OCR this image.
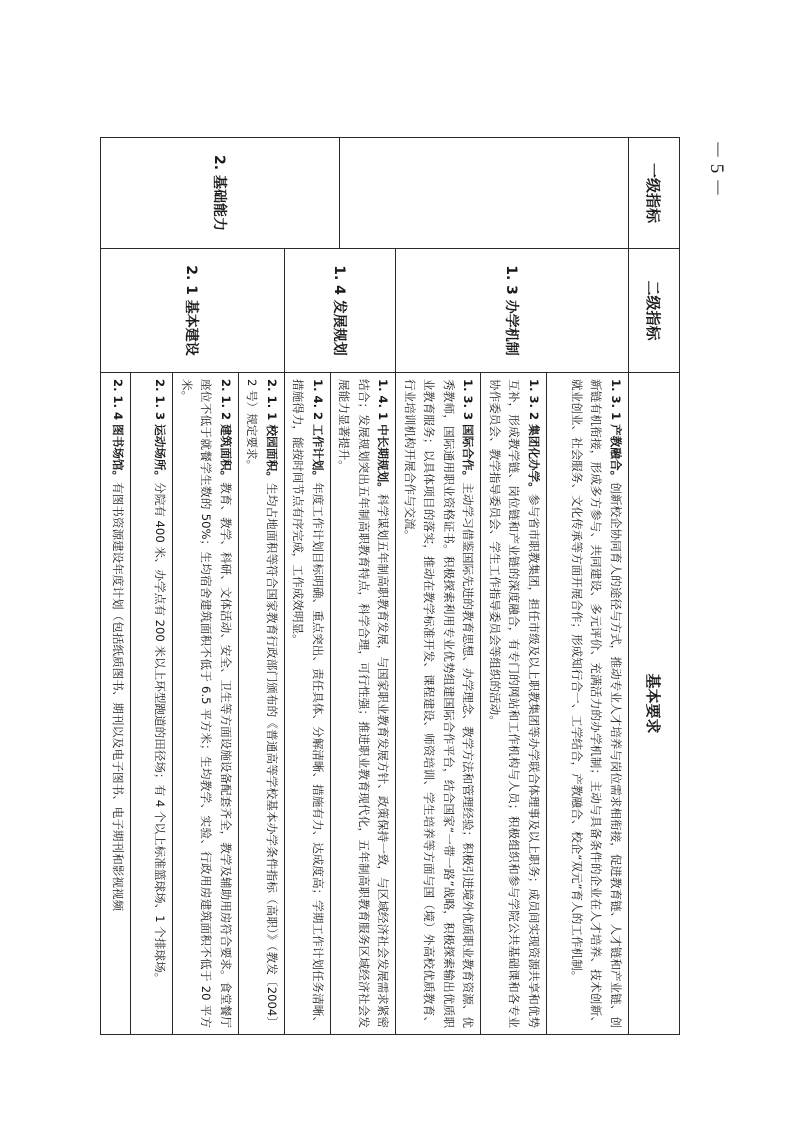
－ 5 －
一级指标
二级指标
基本要求
2. 基础能力
1. 3 办学机制
1. 3. 1 产教融合。创新校企协同育人的途径与方式，推动专业人才培养与岗位需求相衔接，促进教育链、人才链和产业链、创新链有机衔接，形成多方参与、共同建设、多元评价、充满活力的办学机制；主动与具备条件的企业在人才培养、技术创新、就业创业、社会服务、文化传承等方面开展合作；形成知行合一、工学结合，产教融合、校企“双元”育人的工作机制。
1. 3. 2 集团化办学。参与省市职教集团，担任市级及以上职教集团等办学联合体理事及以上职务；成员间实现资源共享和优势互补，形成教学链、岗位链和产业链的深度融合，有专门的网站和工作机构与人员；积极组织和参与学院公共基础课和各专业协作委员会、教学指导委员会、学生工作指导委员会等组织的活动。
1. 3. 3 国际合作。主动学习借鉴国际先进的教育思想、办学理念、教学方法和管理经验；积极引进境外优质职业教育资源、优秀教师，国际通用职业资格证书。积极探索利用专业优势组建国际合作平台，结合国家“一带一路”战略，积极探索输出优质职业教育服务；以具体项目的落实，推动在教学标准开发、课程建设、师资培训、学生培养等方面与国（境）外高校优质教育、行业培训机构开展合作与交流。
1. 4 发展规划
1. 4. 1 中长期规划。科学谋划五年制高职教育发展，与国家职业教育发展方针、政策保持一致，与区域经济社会发展需求紧密结合；发展规划突出五年制高职教育特点，科学合理，可行性强；推进职业教育现代化，五年制高职教育服务区域经济社会发展能力显著提升。
1. 4. 2 工作计划。年度工作计划目标明确、重点突出、责任具体、分解清晰、措施有力、达成度高；学期工作计划任务清晰、措施得力，能按时间节点有序完成，工作成效明显。
2. 1 基本建设
2. 1. 1 校园面积。生均占地面积等符合国家教育行政部门颁布的《普通高等学校基本办学条件指标（高职）》（教发〔2004〕2 号）规定要求。
2. 1. 2 建筑面积。教育、教学、科研、文体活动、安全、卫生等方面设施设备配套齐全，教学及辅助用房符合要求。食堂餐厅座位不低于就餐学生数的 50%；生均宿舍建筑面积不低于 6.5 平方米；生均教学、实验、行政用房建筑面积不低于 20 平方米。
2. 1. 3 运动场所。分院有 400 米、办学点有 200 米以上环型跑道的田径场；有 4 个以上标准篮球场、1 个排球场。
2. 1. 4 图书场馆。有图书资源建设年度计划（包括纸质图书、期刊以及电子图书、电子期刊和影视视频
